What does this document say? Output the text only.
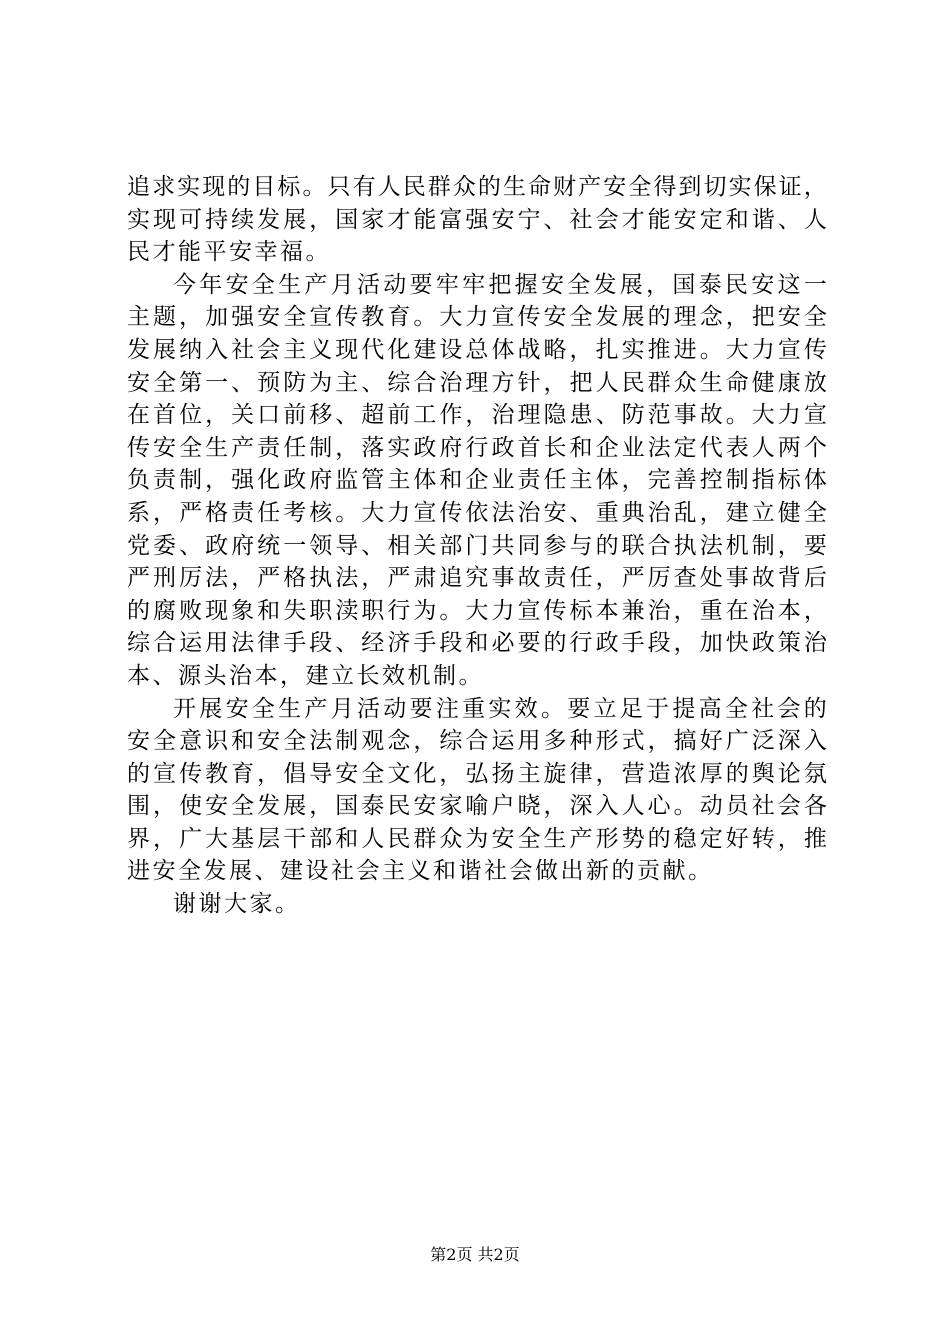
追 求 实 现 的 目 标 。 只 有 人 民 群 众 的 生 命 财 产 安 全 得 到 切 实 保 证 ，
实 现 可 持 续 发 展 ， 国 家 才 能 富 强 安 宁 、 社 会 才 能 安 定 和 谐 、 人
民才能平安幸福。
今 年 安 全 生 产 月 活 动 要 牢 牢 把 握 安 全 发 展 ， 国 泰 民 安 这 一
主 题 ， 加 强 安 全 宣 传 教 育 。 大 力 宣 传 安 全 发 展 的 理 念 ， 把 安 全
发 展 纳 入 社 会 主 义 现 代 化 建 设 总 体 战 略 ， 扎 实 推 进 。 大 力 宣 传
安 全 第 一 、 预 防 为 主 、 综 合 治 理 方 针 ， 把 人 民 群 众 生 命 健 康 放
在 首 位 ， 关 口 前 移 、 超 前 工 作 ， 治 理 隐 患 、 防 范 事 故 。 大 力 宣
传 安 全 生 产 责 任 制 ， 落 实 政 府 行 政 首 长 和 企 业 法 定 代 表 人 两 个
负 责 制 ， 强 化 政 府 监 管 主 体 和 企 业 责 任 主 体 ， 完 善 控 制 指 标 体
系 ， 严 格 责 任 考 核 。 大 力 宣 传 依 法 治 安 、 重 典 治 乱 ， 建 立 健 全
党 委 、 政 府 统 一 领 导 、 相 关 部 门 共 同 参 与 的 联 合 执 法 机 制 ， 要
严 刑 厉 法 ， 严 格 执 法 ， 严 肃 追 究 事 故 责 任 ， 严 厉 查 处 事 故 背 后
的 腐 败 现 象 和 失 职 渎 职 行 为 。 大 力 宣 传 标 本 兼 治 ， 重 在 治 本 ，
综 合 运 用 法 律 手 段 、 经 济 手 段 和 必 要 的 行 政 手 段 ， 加 快 政 策 治
本、源头治本，建立长效机制。
开 展 安 全 生 产 月 活 动 要 注 重 实 效 。 要 立 足 于 提 高 全 社 会 的
安 全 意 识 和 安 全 法 制 观 念 ， 综 合 运 用 多 种 形 式 ， 搞 好 广 泛 深 入
的 宣 传 教 育 ， 倡 导 安 全 文 化 ， 弘 扬 主 旋 律 ， 营 造 浓 厚 的 舆 论 氛
围 ， 使 安 全 发 展 ， 国 泰 民 安 家 喻 户 晓 ， 深 入 人 心 。 动 员 社 会 各
界 ， 广 大 基 层 干 部 和 人 民 群 众 为 安 全 生 产 形 势 的 稳 定 好 转 ， 推
进安全发展、建设社会主义和谐社会做出新的贡献。
谢谢大家。
第2页 共2页
